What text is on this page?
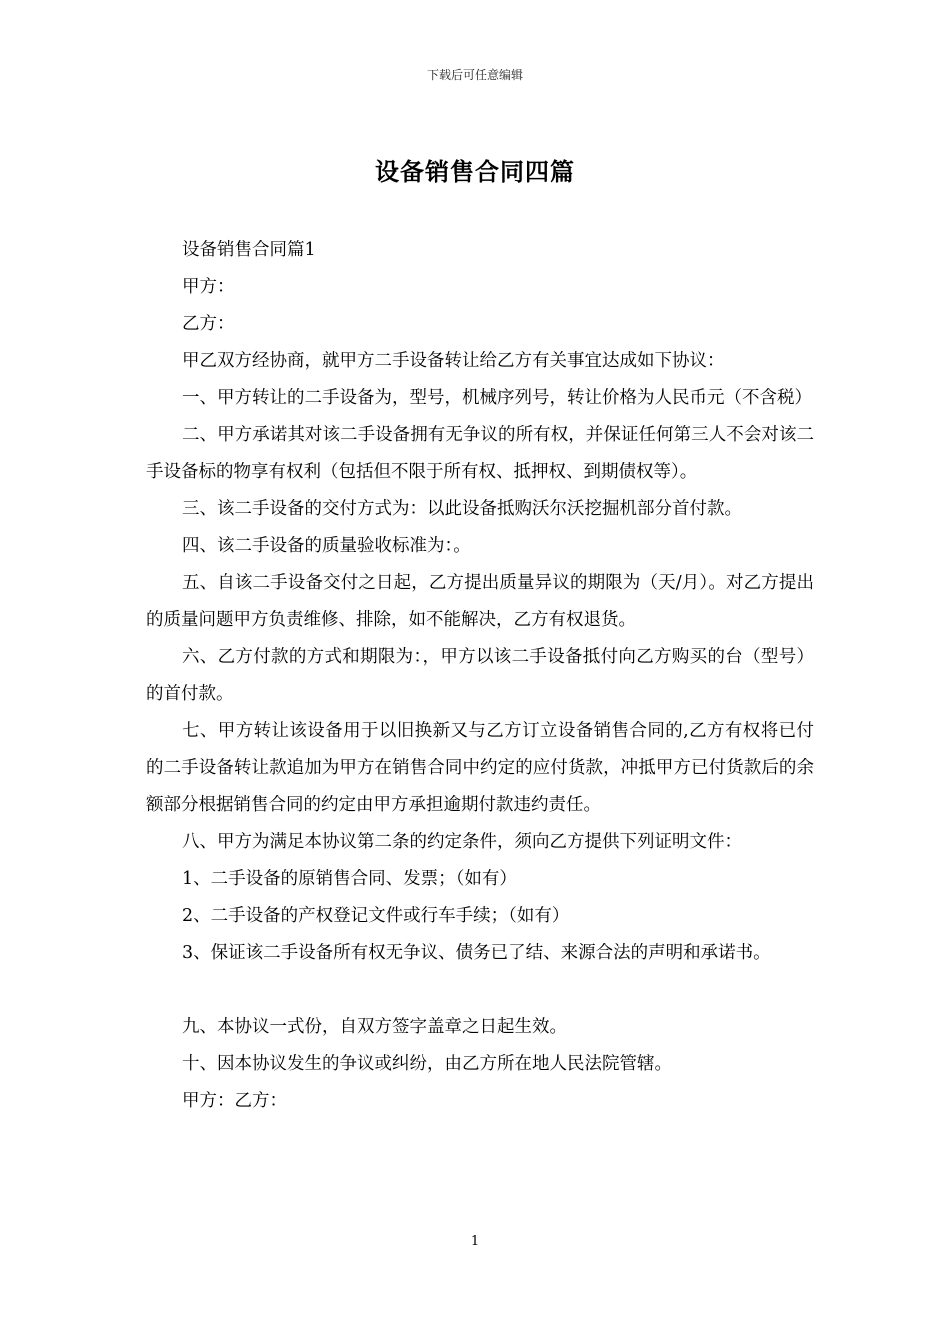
下载后可任意编辑
设备销售合同四篇

设备销售合同篇1

甲方：

乙方：

甲乙双方经协商，就甲方二手设备转让给乙方有关事宜达成如下协议：

一、甲方转让的二手设备为，型号，机械序列号，转让价格为人民币元（不含税）

二、甲方承诺其对该二手设备拥有无争议的所有权，并保证任何第三人不会对该二手设备标的物享有权利（包括但不限于所有权、抵押权、到期债权等）。

三、该二手设备的交付方式为：以此设备抵购沃尔沃挖掘机部分首付款。

四、该二手设备的质量验收标准为：。

五、自该二手设备交付之日起，乙方提出质量异议的期限为（天/月）。对乙方提出的质量问题甲方负责维修、排除，如不能解决，乙方有权退货。

六、乙方付款的方式和期限为：，甲方以该二手设备抵付向乙方购买的台（型号）的首付款。

七、甲方转让该设备用于以旧换新又与乙方订立设备销售合同的,乙方有权将已付的二手设备转让款追加为甲方在销售合同中约定的应付货款，冲抵甲方已付货款后的余额部分根据销售合同的约定由甲方承担逾期付款违约责任。

八、甲方为满足本协议第二条的约定条件，须向乙方提供下列证明文件：

1、二手设备的原销售合同、发票；（如有）

2、二手设备的产权登记文件或行车手续；（如有）

3、保证该二手设备所有权无争议、债务已了结、来源合法的声明和承诺书。

九、本协议一式份，自双方签字盖章之日起生效。

十、因本协议发生的争议或纠纷，由乙方所在地人民法院管辖。

甲方：乙方：

1
